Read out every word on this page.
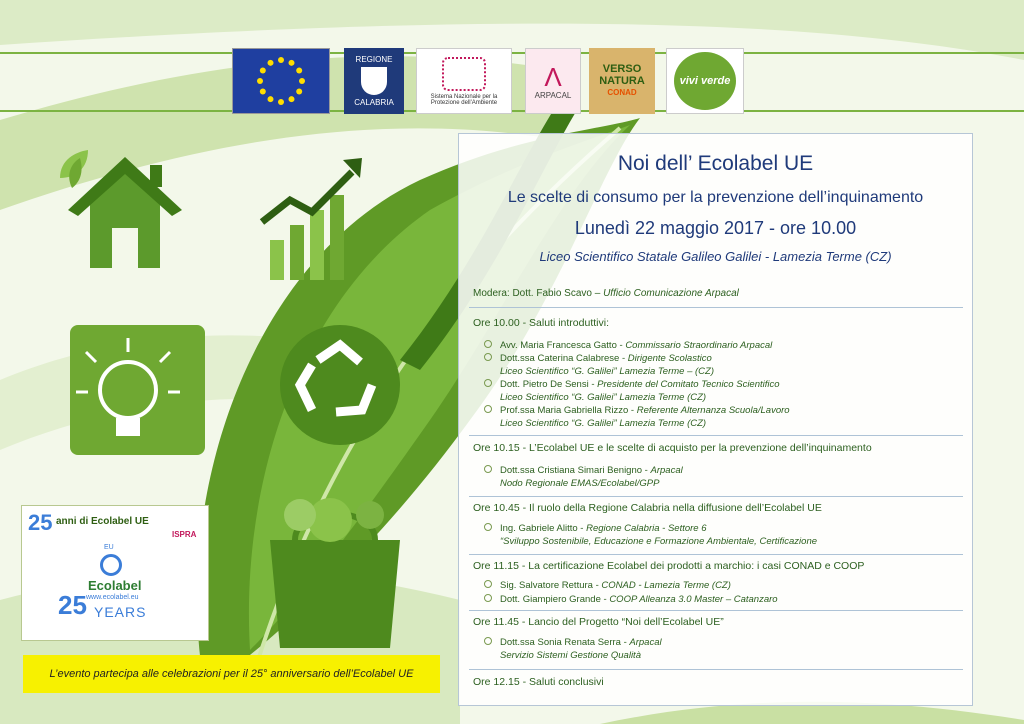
REGIONE
CALABRIA
Sistema Nazionale per la Protezione dell'Ambiente
Λ
ARPACAL
VERSO
NATURA
CONAD
vivi verde
25 anni di Ecolabel UE
ISPRA
EU
Ecolabel
www.ecolabel.eu
25 YEARS
L’evento partecipa alle celebrazioni per il 25° anniversario dell’Ecolabel UE
Noi dell’ Ecolabel UE
Le scelte di consumo per la prevenzione dell’inquinamento
Lunedì 22 maggio 2017 - ore 10.00
Liceo Scientifico Statale Galileo Galilei - Lamezia Terme (CZ)
Modera: Dott. Fabio Scavo – Ufficio Comunicazione Arpacal
Ore 10.00 - Saluti introduttivi:
Avv. Maria Francesca Gatto - Commissario Straordinario Arpacal
Dott.ssa Caterina Calabrese - Dirigente Scolastico
Liceo Scientifico “G. Galilei” Lamezia Terme – (CZ)
Dott. Pietro De Sensi - Presidente del Comitato Tecnico Scientifico
Liceo Scientifico “G. Galilei” Lamezia Terme (CZ)
Prof.ssa Maria Gabriella Rizzo - Referente Alternanza Scuola/Lavoro
Liceo Scientifico “G. Galilei” Lamezia Terme (CZ)
Ore 10.15 - L’Ecolabel UE e le scelte di acquisto per la prevenzione dell’inquinamento
Dott.ssa Cristiana Simari Benigno - Arpacal
Nodo Regionale EMAS/Ecolabel/GPP
Ore 10.45 - Il ruolo della Regione Calabria nella diffusione dell’Ecolabel UE
Ing. Gabriele Alitto - Regione Calabria - Settore 6
“Sviluppo Sostenibile, Educazione e Formazione Ambientale, Certificazione
Ore 11.15 - La certificazione Ecolabel dei prodotti a marchio: i casi CONAD e COOP
Sig. Salvatore Rettura - CONAD - Lamezia Terme (CZ)
Dott. Giampiero Grande - COOP Alleanza 3.0 Master – Catanzaro
Ore 11.45 - Lancio del Progetto “Noi dell’Ecolabel UE”
Dott.ssa Sonia Renata Serra - Arpacal
Servizio Sistemi Gestione Qualità
Ore 12.15 - Saluti conclusivi
